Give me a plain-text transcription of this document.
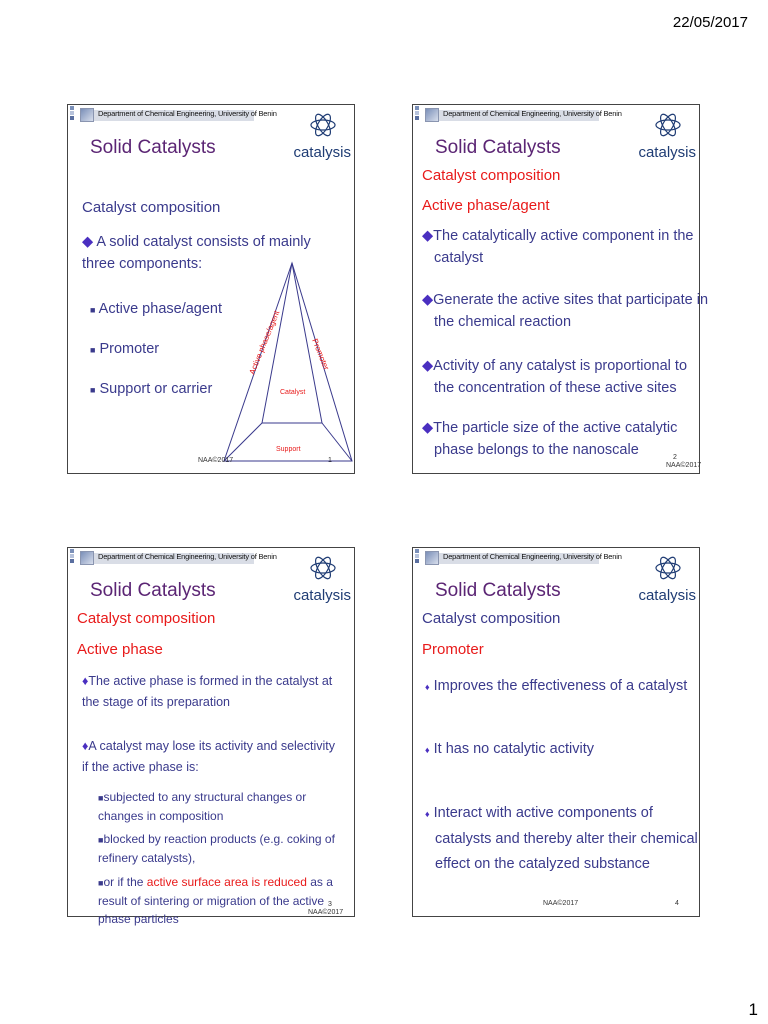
22/05/2017
Department of Chemical Engineering, University of Benin
catalysis
Solid Catalysts
Catalyst composition
◆ A solid catalyst consists of mainly three components:
■ Active phase/agent
■ Promoter
■ Support or carrier
Active phase/agent	Promoter
Catalyst
Support
NAA©2017	1
Department of Chemical Engineering, University of Benin
catalysis
Solid Catalysts
Catalyst composition
Active phase/agent
◆The catalytically active component in the catalyst
◆Generate the active sites that participate in the chemical reaction
◆Activity of any catalyst is proportional to the concentration of these active sites
◆The particle size of the active catalytic phase belongs to the nanoscale
NAA©2017
2
Department of Chemical Engineering, University of Benin
catalysis
Solid Catalysts
Catalyst composition
Active phase
♦The active phase is formed in the catalyst at the stage of its preparation
♦A catalyst may lose its activity and selectivity if the active phase is:
■subjected to any structural changes or changes in composition
■blocked by reaction products (e.g. coking of refinery catalysts),
■or if the active surface area is reduced as a result of sintering or migration of the active phase particles	NAA©2017
3
Department of Chemical Engineering, University of Benin
catalysis
Solid Catalysts
Catalyst composition
Promoter
♦ Improves the effectiveness of a catalyst
♦ It has no catalytic activity
♦ Interact with active components of catalysts and thereby alter their chemical effect on the catalyzed substance
NAA©2017	4
1
